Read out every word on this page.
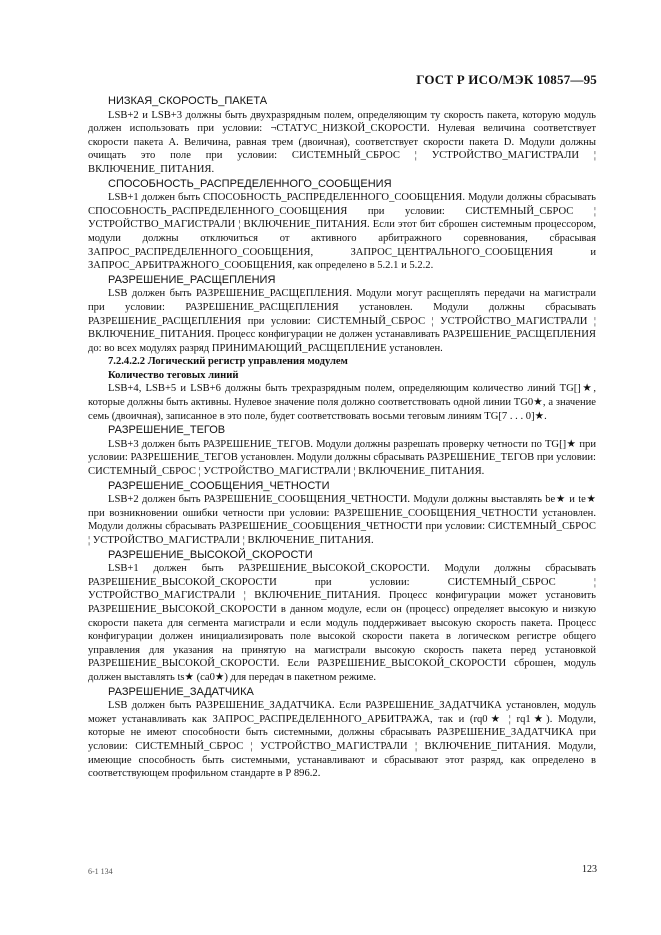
ГОСТ Р ИСО/МЭК 10857—95

НИЗКАЯ_СКОРОСТЬ_ПАКЕТА

LSB+2 и LSB+3 должны быть двухразрядным полем, определяющим ту скорость пакета, которую модуль должен использовать при условии: ¬СТАТУС_НИЗКОЙ_СКОРОСТИ. Нулевая величина соответствует скорости пакета А. Величина, равная трем (двоичная), соответствует скорости пакета D. Модули должны очищать это поле при условии: СИСТЕМНЫЙ_СБРОС ¦ УСТРОЙСТВО_МАГИСТРАЛИ ¦ ВКЛЮЧЕНИЕ_ПИТАНИЯ.

СПОСОБНОСТЬ_РАСПРЕДЕЛЕННОГО_СООБЩЕНИЯ

LSB+1 должен быть СПОСОБНОСТЬ_РАСПРЕДЕЛЕННОГО_СООБЩЕНИЯ. Модули должны сбрасывать СПОСОБНОСТЬ_РАСПРЕДЕЛЕННОГО_СООБЩЕНИЯ при условии: СИСТЕМНЫЙ_СБРОС ¦ УСТРОЙСТВО_МАГИСТРАЛИ ¦ ВКЛЮЧЕНИЕ_ПИТАНИЯ. Если этот бит сброшен системным процессором, модули должны отключиться от активного арбитражного соревнования, сбрасывая ЗАПРОС_РАСПРЕДЕЛЕННОГО_СООБЩЕНИЯ, ЗАПРОС_ЦЕНТРАЛЬНОГО_СООБЩЕНИЯ и ЗАПРОС_АРБИТРАЖНОГО_СООБЩЕНИЯ, как определено в 5.2.1 и 5.2.2.

РАЗРЕШЕНИЕ_РАСЩЕПЛЕНИЯ

LSB должен быть РАЗРЕШЕНИЕ_РАСЩЕПЛЕНИЯ. Модули могут расщеплять передачи на магистрали при условии: РАЗРЕШЕНИЕ_РАСЩЕПЛЕНИЯ установлен. Модули должны сбрасывать РАЗРЕШЕНИЕ_РАСЩЕПЛЕНИЯ при условии: СИСТЕМНЫЙ_СБРОС ¦ УСТРОЙСТВО_МАГИСТРАЛИ ¦ ВКЛЮЧЕНИЕ_ПИТАНИЯ. Процесс конфигурации не должен устанавливать РАЗРЕШЕНИЕ_РАСЩЕПЛЕНИЯ до: во всех модулях разряд ПРИНИМАЮЩИЙ_РАСЩЕПЛЕНИЕ установлен.

7.2.4.2.2 Логический регистр управления модулем

Количество теговых линий

LSB+4, LSB+5 и LSB+6 должны быть трехразрядным полем, определяющим количество линий TG[]★, которые должны быть активны. Нулевое значение поля должно соответствовать одной линии TG0★, а значение семь (двоичная), записанное в это поле, будет соответствовать восьми теговым линиям TG[7 . . . 0]★.

РАЗРЕШЕНИЕ_ТЕГОВ

LSB+3 должен быть РАЗРЕШЕНИЕ_ТЕГОВ. Модули должны разрешать проверку четности по TG[]★ при условии: РАЗРЕШЕНИЕ_ТЕГОВ установлен. Модули должны сбрасывать РАЗРЕШЕНИЕ_ТЕГОВ при условии: СИСТЕМНЫЙ_СБРОС ¦ УСТРОЙСТВО_МАГИСТРАЛИ ¦ ВКЛЮЧЕНИЕ_ПИТАНИЯ.

РАЗРЕШЕНИЕ_СООБЩЕНИЯ_ЧЕТНОСТИ

LSB+2 должен быть РАЗРЕШЕНИЕ_СООБЩЕНИЯ_ЧЕТНОСТИ. Модули должны выставлять be★ и te★ при возникновении ошибки четности при условии: РАЗРЕШЕНИЕ_СООБЩЕНИЯ_ЧЕТНОСТИ установлен. Модули должны сбрасывать РАЗРЕШЕНИЕ_СООБЩЕНИЯ_ЧЕТНОСТИ при условии: СИСТЕМНЫЙ_СБРОС ¦ УСТРОЙСТВО_МАГИСТРАЛИ ¦ ВКЛЮЧЕНИЕ_ПИТАНИЯ.

РАЗРЕШЕНИЕ_ВЫСОКОЙ_СКОРОСТИ

LSB+1 должен быть РАЗРЕШЕНИЕ_ВЫСОКОЙ_СКОРОСТИ. Модули должны сбрасывать РАЗРЕШЕНИЕ_ВЫСОКОЙ_СКОРОСТИ при условии: СИСТЕМНЫЙ_СБРОС ¦ УСТРОЙСТВО_МАГИСТРАЛИ ¦ ВКЛЮЧЕНИЕ_ПИТАНИЯ. Процесс конфигурации может установить РАЗРЕШЕНИЕ_ВЫСОКОЙ_СКОРОСТИ в данном модуле, если он (процесс) определяет высокую и низкую скорости пакета для сегмента магистрали и если модуль поддерживает высокую скорость пакета. Процесс конфигурации должен инициализировать поле высокой скорости пакета в логическом регистре общего управления для указания на принятую на магистрали высокую скорость пакета перед установкой РАЗРЕШЕНИЕ_ВЫСОКОЙ_СКОРОСТИ. Если РАЗРЕШЕНИЕ_ВЫСОКОЙ_СКОРОСТИ сброшен, модуль должен выставлять ts★ (ca0★) для передач в пакетном режиме.

РАЗРЕШЕНИЕ_ЗАДАТЧИКА

LSB должен быть РАЗРЕШЕНИЕ_ЗАДАТЧИКА. Если РАЗРЕШЕНИЕ_ЗАДАТЧИКА установлен, модуль может устанавливать как ЗАПРОС_РАСПРЕДЕЛЕННОГО_АРБИТРАЖА, так и (rq0★ ¦ rq1★). Модули, которые не имеют способности быть системными, должны сбрасывать РАЗРЕШЕНИЕ_ЗАДАТЧИКА при условии: СИСТЕМНЫЙ_СБРОС ¦ УСТРОЙСТВО_МАГИСТРАЛИ ¦ ВКЛЮЧЕНИЕ_ПИТАНИЯ. Модули, имеющие способность быть системными, устанавливают и сбрасывают этот разряд, как определено в соответствующем профильном стандарте в Р 896.2.

6-1 134	123
